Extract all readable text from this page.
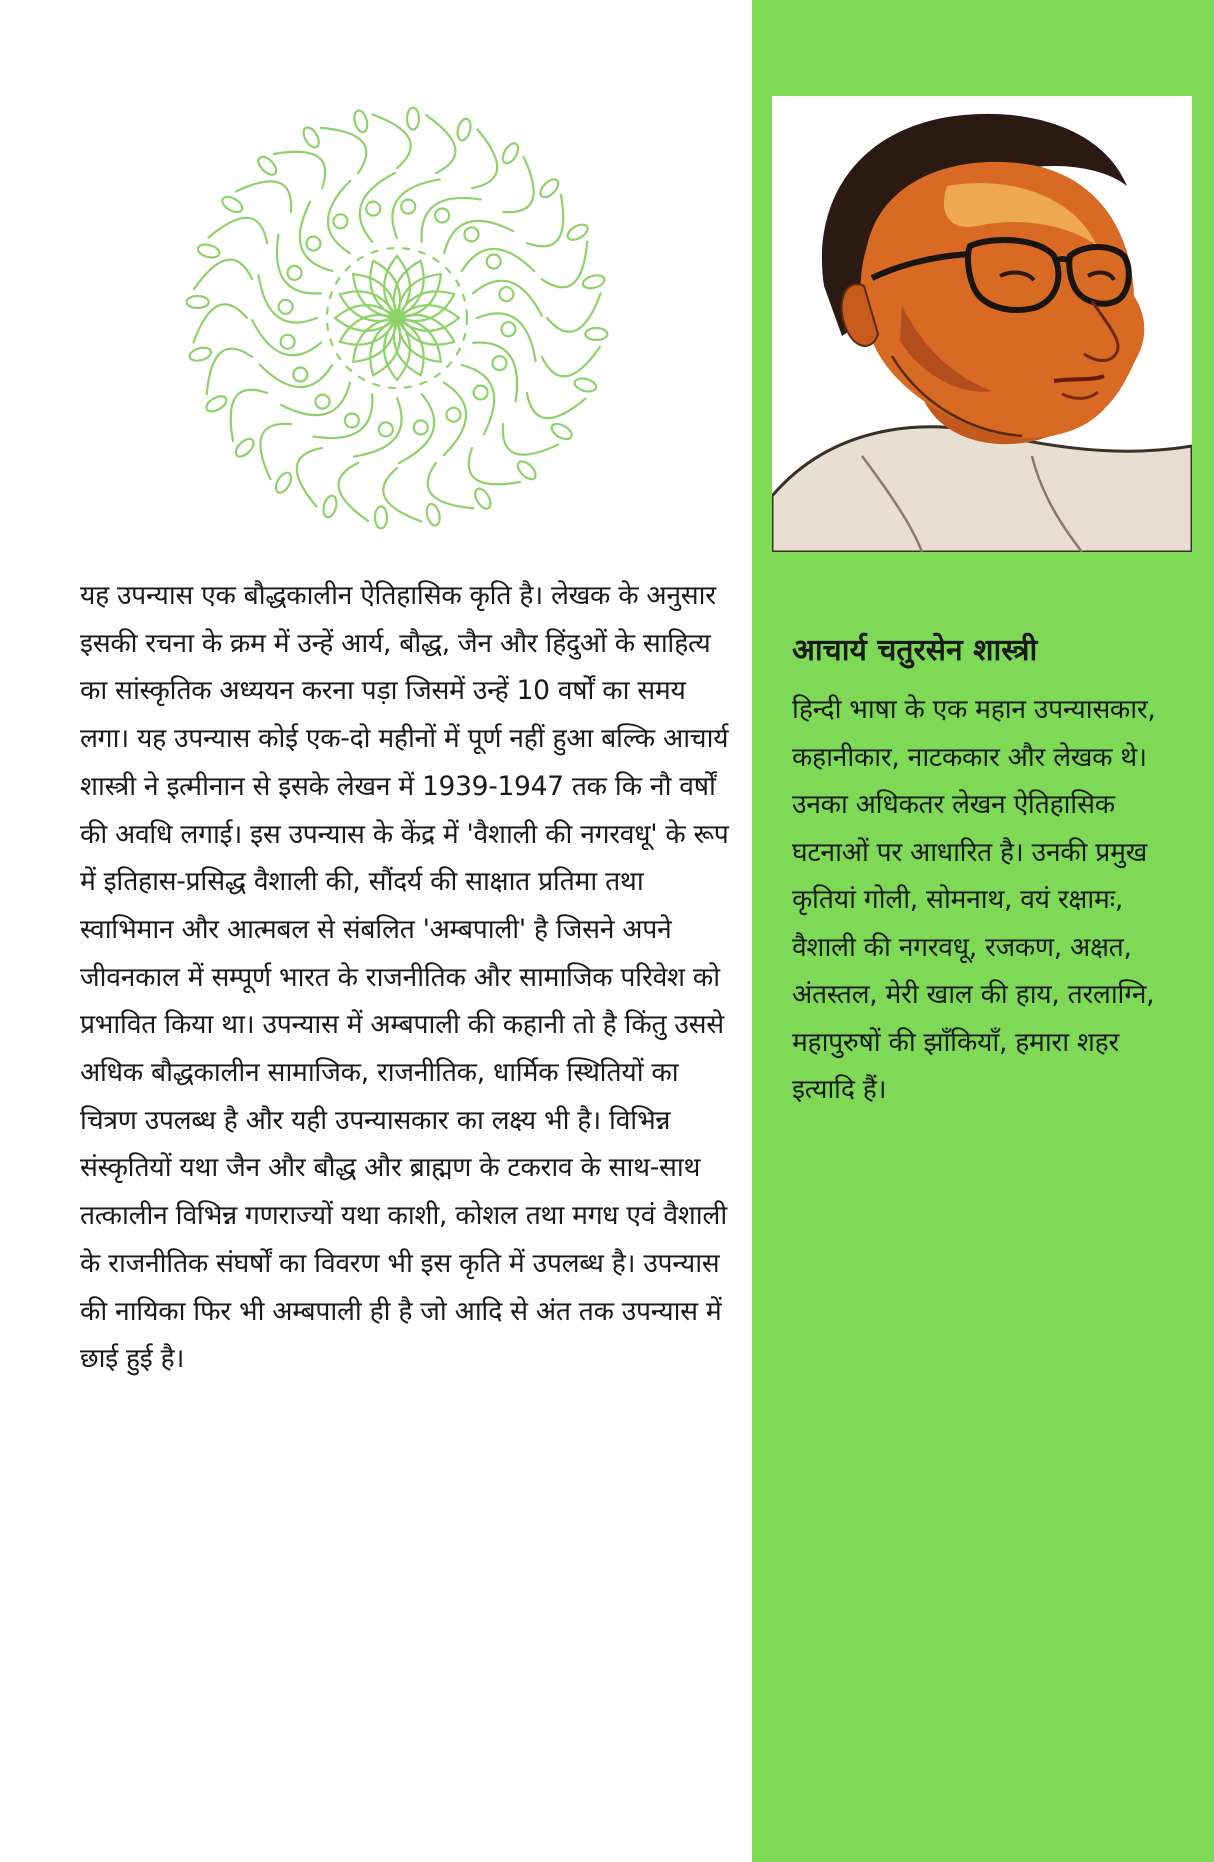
यह उपन्यास एक बौद्धकालीन ऐतिहासिक कृति है। लेखक के अनुसार इसकी रचना के क्रम में उन्हें आर्य, बौद्ध, जैन और हिंदुओं के साहित्य का सांस्कृतिक अध्ययन करना पड़ा जिसमें उन्हें 10 वर्षों का समय लगा। यह उपन्यास कोई एक-दो महीनों में पूर्ण नहीं हुआ बल्कि आचार्य शास्त्री ने इत्मीनान से इसके लेखन में 1939-1947 तक कि नौ वर्षों की अवधि लगाई। इस उपन्यास के केंद्र में 'वैशाली की नगरवधू' के रूप में इतिहास-प्रसिद्ध वैशाली की, सौंदर्य की साक्षात प्रतिमा तथा स्वाभिमान और आत्मबल से संबलित 'अम्बपाली' है जिसने अपने जीवनकाल में सम्पूर्ण भारत के राजनीतिक और सामाजिक परिवेश को प्रभावित किया था। उपन्यास में अम्बपाली की कहानी तो है किंतु उससे अधिक बौद्धकालीन सामाजिक, राजनीतिक, धार्मिक स्थितियों का चित्रण उपलब्ध है और यही उपन्यासकार का लक्ष्य भी है। विभिन्न संस्कृतियों यथा जैन और बौद्ध और ब्राह्मण के टकराव के साथ-साथ तत्कालीन विभिन्न गणराज्यों यथा काशी, कोशल तथा मगध एवं वैशाली के राजनीतिक संघर्षों का विवरण भी इस कृति में उपलब्ध है। उपन्यास की नायिका फिर भी अम्बपाली ही है जो आदि से अंत तक उपन्यास में छाई हुई है।

आचार्य चतुरसेन शास्त्री

हिन्दी भाषा के एक महान उपन्यासकार, कहानीकार, नाटककार और लेखक थे। उनका अधिकतर लेखन ऐतिहासिक घटनाओं पर आधारित है। उनकी प्रमुख कृतियां गोली, सोमनाथ, वयं रक्षामः, वैशाली की नगरवधू, रजकण, अक्षत, अंतस्तल, मेरी खाल की हाय, तरलाग्नि, महापुरुषों की झाँकियाँ, हमारा शहर इत्यादि हैं।
